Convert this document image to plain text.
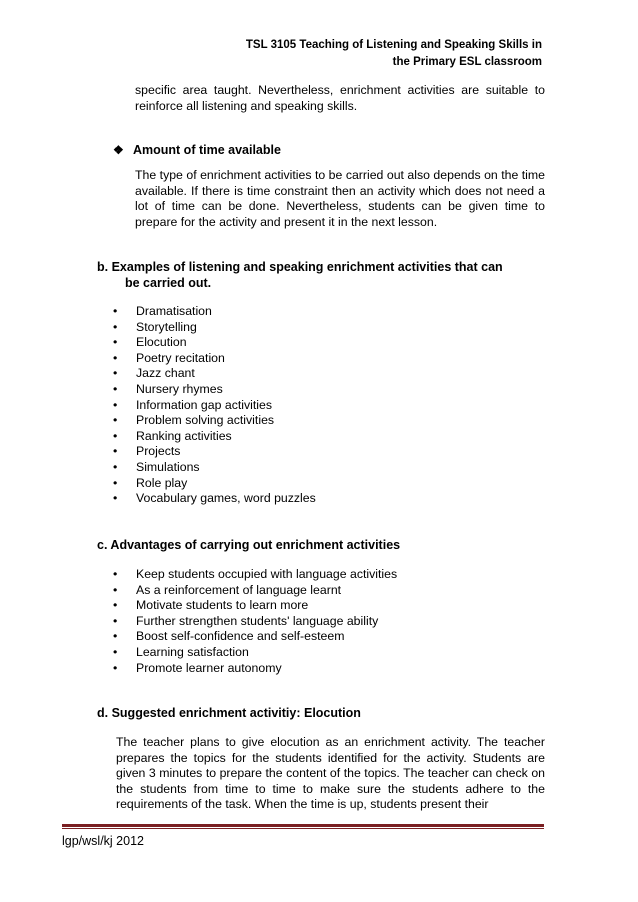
TSL 3105 Teaching of Listening and Speaking Skills in
the Primary ESL classroom
specific area taught. Nevertheless, enrichment activities are suitable to reinforce all listening and speaking skills.
❖ Amount of time available
The type of enrichment activities to be carried out also depends on the time available. If there is time constraint then an activity which does not need a lot of time can be done. Nevertheless, students can be given time to prepare for the activity and present it in the next lesson.
b. Examples of listening and speaking enrichment activities that can
be carried out.
• Dramatisation
• Storytelling
• Elocution
• Poetry recitation
• Jazz chant
• Nursery rhymes
• Information gap activities
• Problem solving activities
• Ranking activities
• Projects
• Simulations
• Role play
• Vocabulary games, word puzzles
c. Advantages of carrying out enrichment activities
• Keep students occupied with language activities
• As a reinforcement of language learnt
• Motivate students to learn more
• Further strengthen students' language ability
• Boost self-confidence and self-esteem
• Learning satisfaction
• Promote learner autonomy
d. Suggested enrichment activitiy: Elocution
The teacher plans to give elocution as an enrichment activity. The teacher prepares the topics for the students identified for the activity. Students are given 3 minutes to prepare the content of the topics. The teacher can check on the students from time to time to make sure the students adhere to the requirements of the task. When the time is up, students present their
lgp/wsl/kj 2012
